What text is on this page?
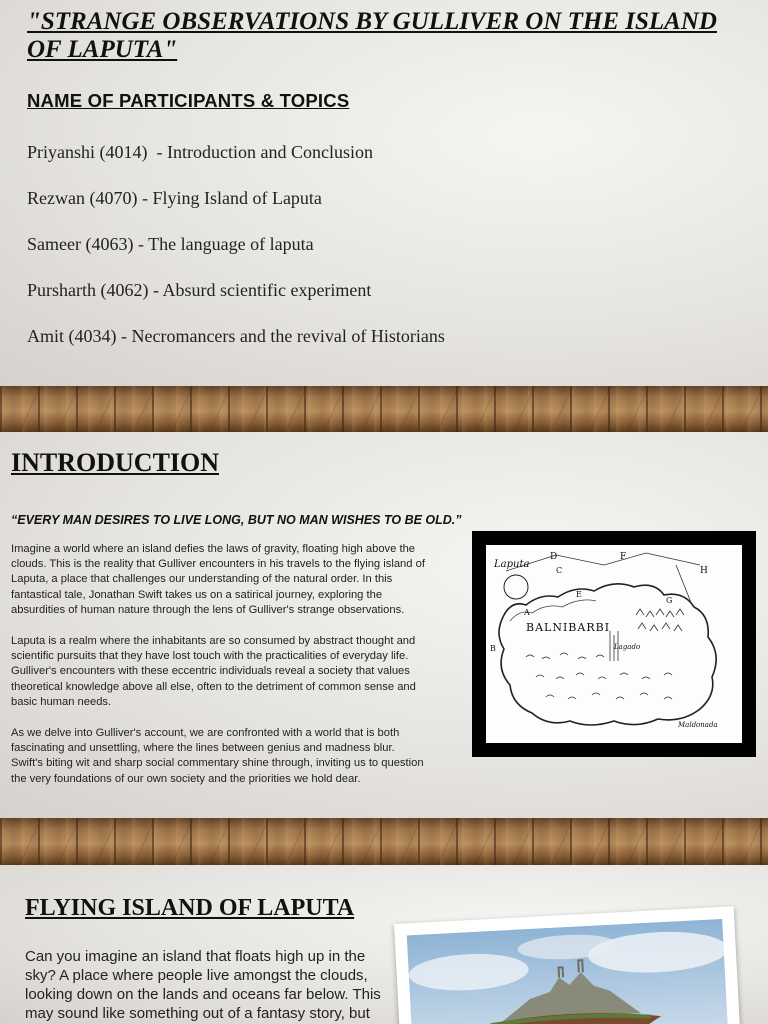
"STRANGE OBSERVATIONS BY GULLIVER ON THE ISLAND OF LAPUTA"
NAME OF PARTICIPANTS & TOPICS

Priyanshi (4014)  - Introduction and Conclusion

Rezwan (4070) - Flying Island of Laputa

Sameer (4063) - The language of laputa

Pursharth (4062) - Absurd scientific experiment

Amit (4034) - Necromancers and the revival of Historians

INTRODUCTION

“EVERY MAN DESIRES TO LIVE LONG, BUT NO MAN WISHES TO BE OLD.”

Imagine a world where an island defies the laws of gravity, floating high above the
clouds. This is the reality that Gulliver encounters in his travels to the flying island of
Laputa, a place that challenges our understanding of the natural order. In this
fantastical tale, Jonathan Swift takes us on a satirical journey, exploring the
absurdities of human nature through the lens of Gulliver's strange observations.

Laputa is a realm where the inhabitants are so consumed by abstract thought and
scientific pursuits that they have lost touch with the practicalities of everyday life.
Gulliver's encounters with these eccentric individuals reveal a society that values
theoretical knowledge above all else, often to the detriment of common sense and
basic human needs.

As we delve into Gulliver's account, we are confronted with a world that is both
fascinating and unsettling, where the lines between genius and madness blur.
Swift's biting wit and sharp social commentary shine through, inviting us to question
the very foundations of our own society and the priorities we hold dear.

Laputa
D	F
H
G
E
B
A
C
BALNIBARBI
Lagado
Maldonada
FLYING ISLAND OF LAPUTA

Can you imagine an island that floats high up in the sky? A place where people live amongst the clouds, looking down on the lands and oceans far below. This may sound like something out of a fantasy story, but
